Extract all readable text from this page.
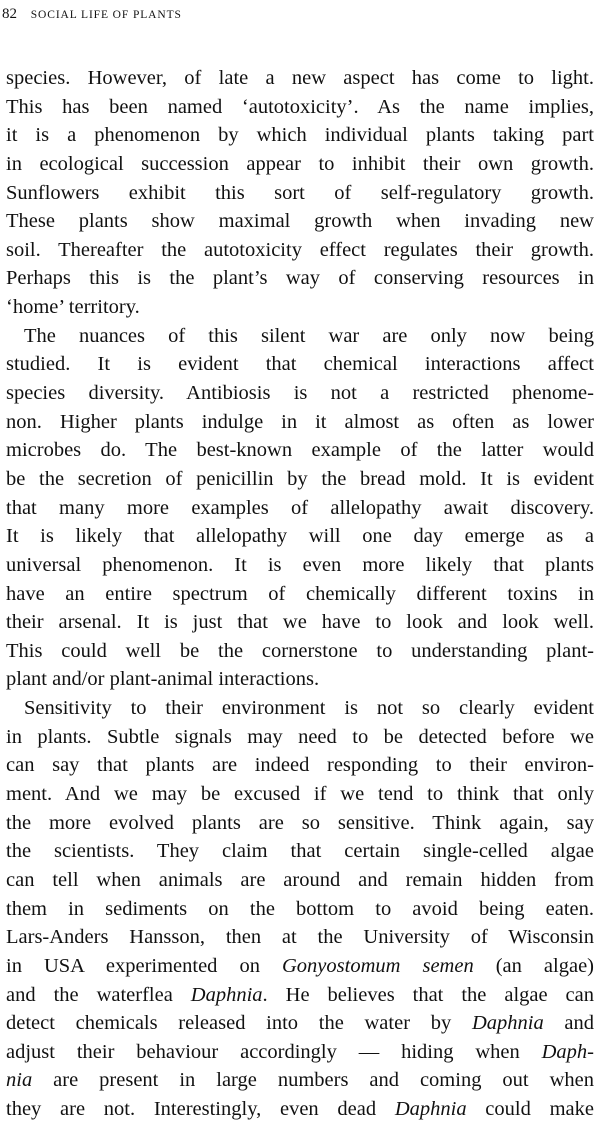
82 SOCIAL LIFE OF PLANTS
species. However, of late a new aspect has come to light.
This has been named ‘autotoxicity’. As the name implies,
it is a phenomenon by which individual plants taking part
in ecological succession appear to inhibit their own growth.
Sunflowers exhibit this sort of self-regulatory growth.
These plants show maximal growth when invading new
soil. Thereafter the autotoxicity effect regulates their growth.
Perhaps this is the plant’s way of conserving resources in
‘home’ territory.
The nuances of this silent war are only now being
studied. It is evident that chemical interactions affect
species diversity. Antibiosis is not a restricted phenome-
non. Higher plants indulge in it almost as often as lower
microbes do. The best-known example of the latter would
be the secretion of penicillin by the bread mold. It is evident
that many more examples of allelopathy await discovery.
It is likely that allelopathy will one day emerge as a
universal phenomenon. It is even more likely that plants
have an entire spectrum of chemically different toxins in
their arsenal. It is just that we have to look and look well.
This could well be the cornerstone to understanding plant-
plant and/or plant-animal interactions.
Sensitivity to their environment is not so clearly evident
in plants. Subtle signals may need to be detected before we
can say that plants are indeed responding to their environ-
ment. And we may be excused if we tend to think that only
the more evolved plants are so sensitive. Think again, say
the scientists. They claim that certain single-celled algae
can tell when animals are around and remain hidden from
them in sediments on the bottom to avoid being eaten.
Lars-Anders Hansson, then at the University of Wisconsin
in USA experimented on Gonyostomum semen (an algae)
and the waterflea Daphnia. He believes that the algae can
detect chemicals released into the water by Daphnia and
adjust their behaviour accordingly — hiding when Daph-
nia are present in large numbers and coming out when
they are not. Interestingly, even dead Daphnia could make
